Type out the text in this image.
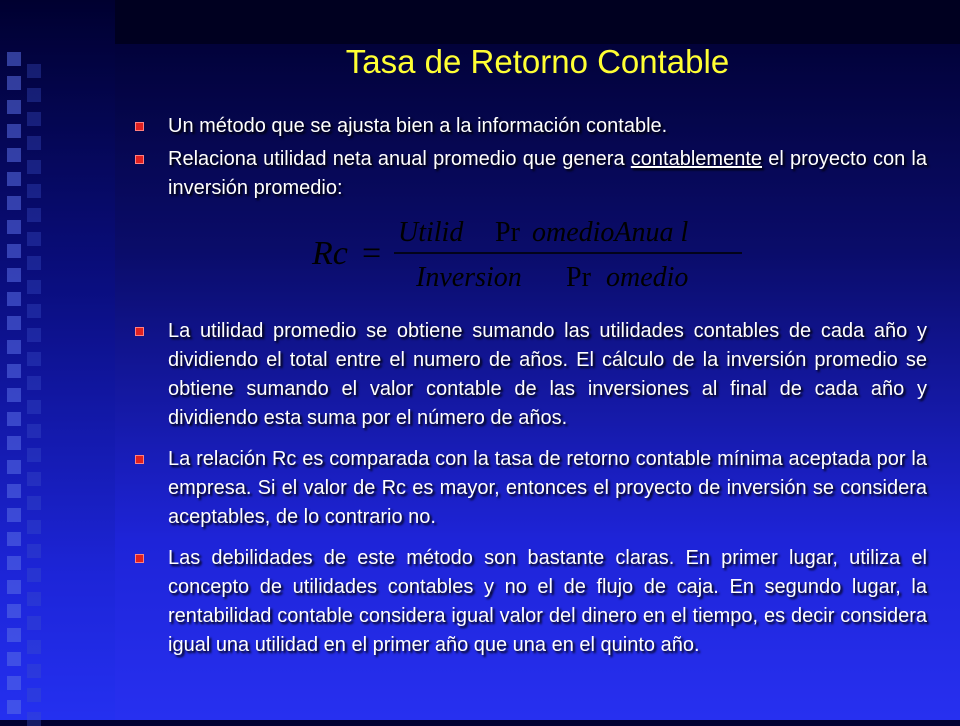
Tasa de Retorno Contable
Un método que se ajusta bien a la información contable.
Relaciona utilidad neta anual promedio que genera contablemente el proyecto con la inversión promedio:
La utilidad promedio se obtiene sumando las utilidades contables de cada año y dividiendo el total entre el numero de años. El cálculo de la inversión promedio se obtiene sumando el valor contable de las inversiones al final de cada año y dividiendo esta suma por el número de años.
La relación Rc es comparada con la tasa de retorno contable mínima aceptada por la empresa. Si el valor de Rc es mayor, entonces el proyecto de inversión se considera aceptables, de lo contrario no.
Las debilidades de este método son bastante claras. En primer lugar, utiliza el concepto de utilidades contables y no el de flujo de caja. En segundo lugar, la rentabilidad contable considera igual valor del dinero en el tiempo, es decir considera igual una utilidad en el primer año que una en el quinto año.
Rc =
Utilid Pr omedioAnua l
Inversion Pr omedio
